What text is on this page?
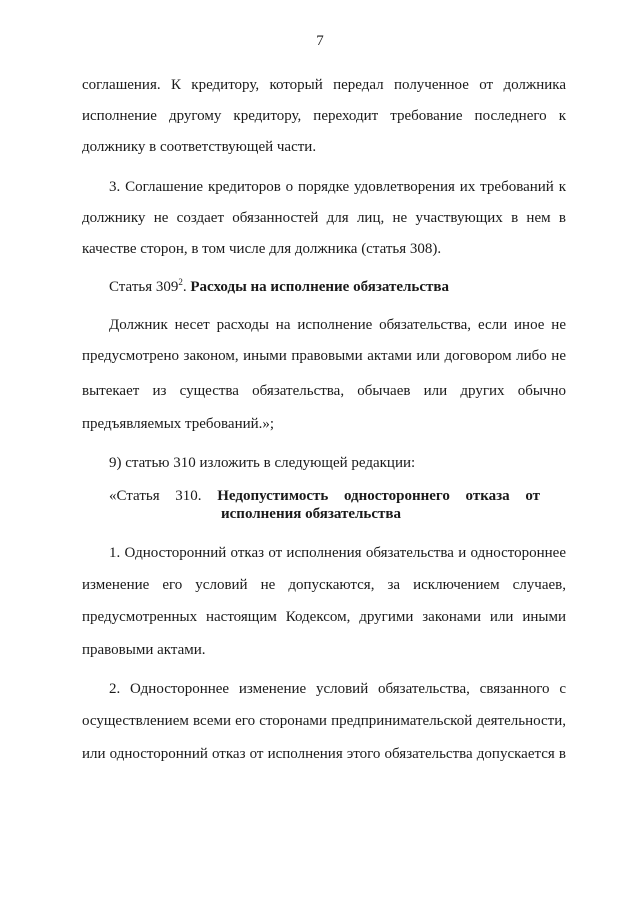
7
соглашения. К кредитору, который передал полученное от должника
исполнение другому кредитору, переходит требование последнего к
должнику в соответствующей части.
3. Соглашение кредиторов о порядке удовлетворения их требований к
должнику не создает обязанностей для лиц, не участвующих в нем в
качестве сторон, в том числе для должника (статья 308).
Статья $309^2$. Расходы на исполнение обязательства
Должник несет расходы на исполнение обязательства, если иное не
предусмотрено законом, иными правовыми актами или договором либо не
вытекает из существа обязательства, обычаев или других обычно
предъявляемых требований.»;
9) статью 310 изложить в следующей редакции:
«Статья 310. Недопустимость одностороннего отказа от
исполнения обязательства
1. Односторонний отказ от исполнения обязательства и одностороннее
изменение его условий не допускаются, за исключением случаев,
предусмотренных настоящим Кодексом, другими законами или иными
правовыми актами.
2. Одностороннее изменение условий обязательства, связанного с
осуществлением всеми его сторонами предпринимательской деятельности,
или односторонний отказ от исполнения этого обязательства допускается в
